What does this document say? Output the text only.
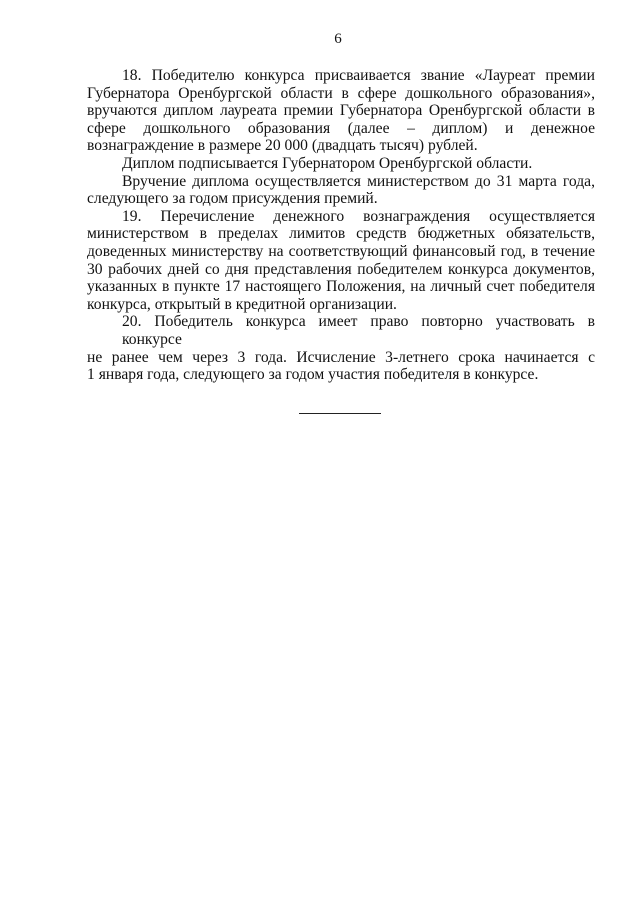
6
18. Победителю конкурса присваивается звание «Лауреат премии
Губернатора Оренбургской области в сфере дошкольного образования»,
вручаются диплом лауреата премии Губернатора Оренбургской области в
сфере дошкольного образования (далее – диплом) и денежное
вознаграждение в размере 20 000 (двадцать тысяч) рублей.
Диплом подписывается Губернатором Оренбургской области.
Вручение диплома осуществляется министерством до 31 марта года,
следующего за годом присуждения премий.
19. Перечисление денежного вознаграждения осуществляется
министерством в пределах лимитов средств бюджетных обязательств,
доведенных министерству на соответствующий финансовый год, в течение
30 рабочих дней со дня представления победителем конкурса документов,
указанных в пункте 17 настоящего Положения, на личный счет победителя
конкурса, открытый в кредитной организации.
20. Победитель конкурса имеет право повторно участвовать в конкурсе
не ранее чем через 3 года. Исчисление 3-летнего срока начинается с
1 января года, следующего за годом участия победителя в конкурсе.
